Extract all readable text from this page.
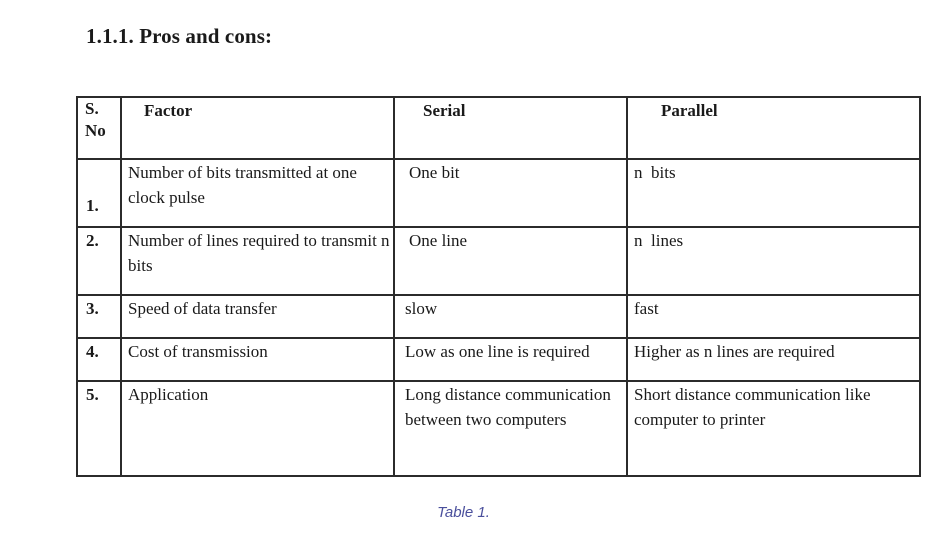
1.1.1. Pros and cons:
S. No	Factor	Serial	Parallel
1.	Number of bits transmitted at one clock pulse	One bit	n  bits
2.	Number of lines required to transmit n bits	One line	n  lines
3.	Speed of data transfer	slow	fast
4.	Cost of transmission	Low as one line is required	Higher as n lines are required
5.	Application	Long distance communication between two computers	Short distance communication like computer to printer
Table 1.
